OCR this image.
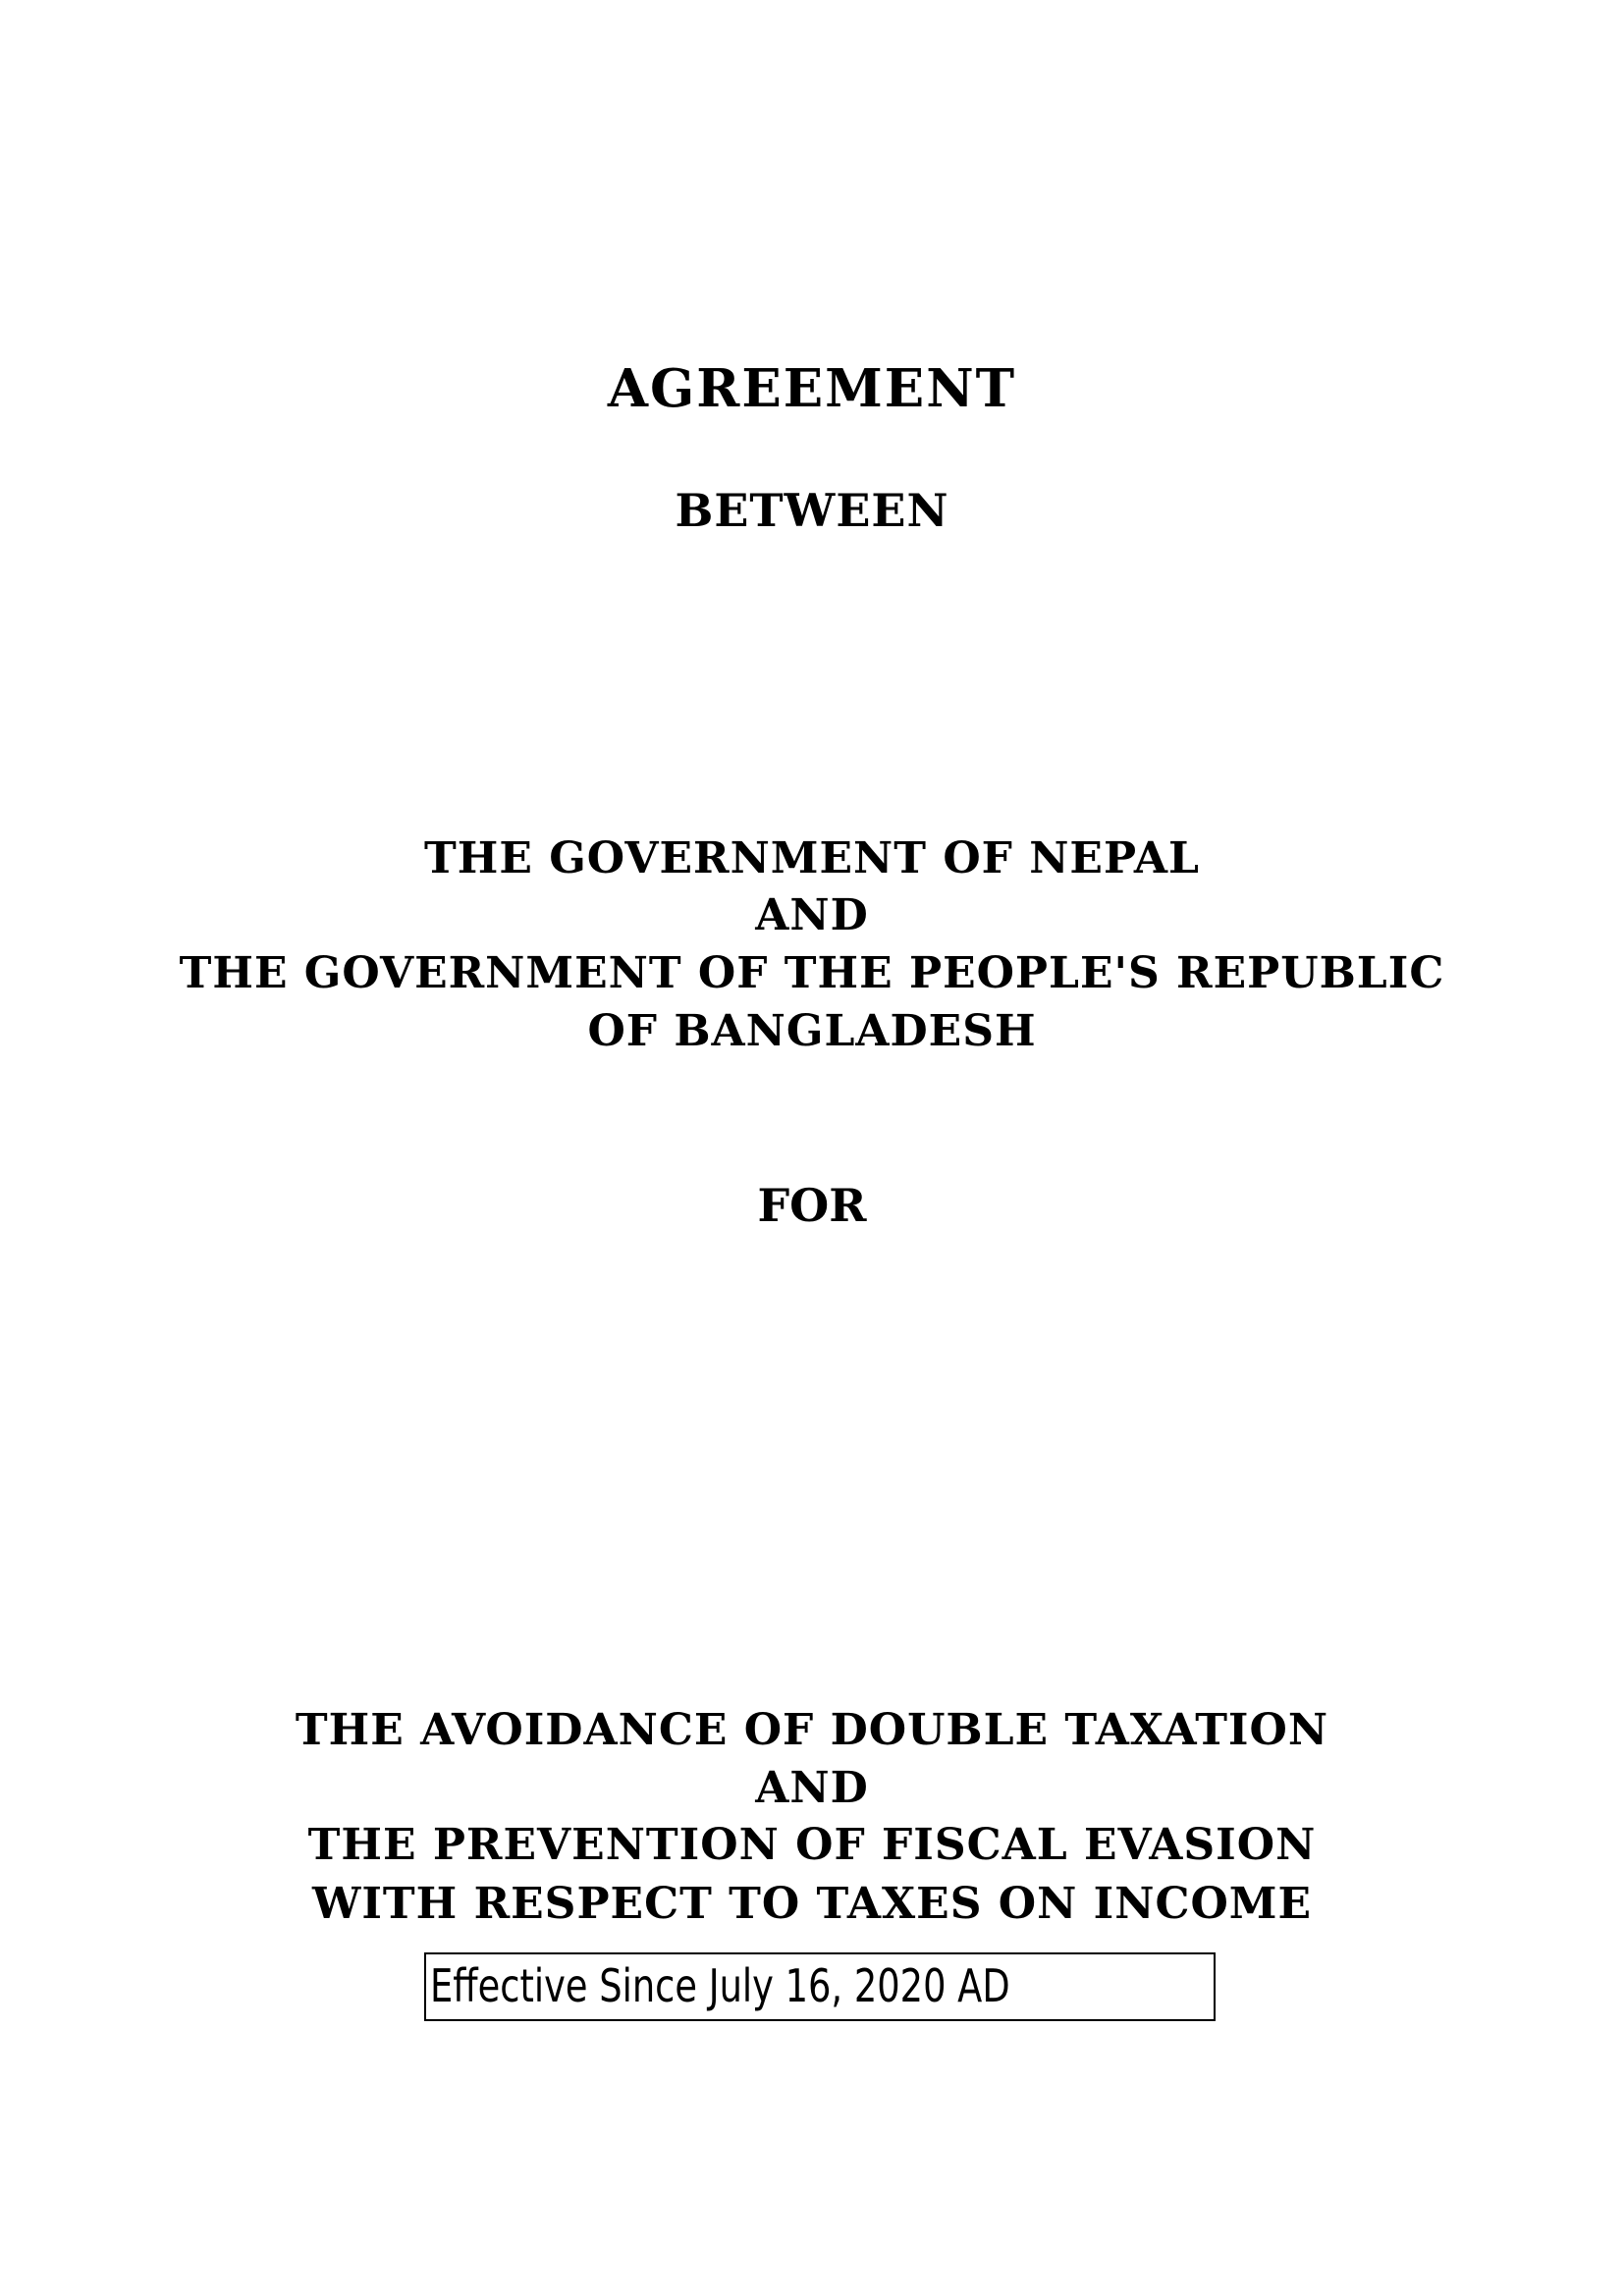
AGREEMENT
BETWEEN
THE GOVERNMENT OF NEPAL
AND
THE GOVERNMENT OF THE PEOPLE'S REPUBLIC
OF BANGLADESH
FOR
THE AVOIDANCE OF DOUBLE TAXATION
AND
THE PREVENTION OF FISCAL EVASION
WITH RESPECT TO TAXES ON INCOME
Effective Since July 16, 2020 AD
